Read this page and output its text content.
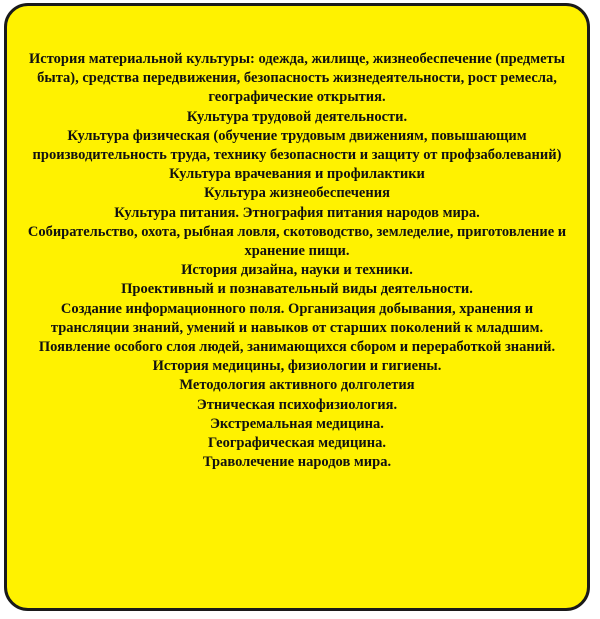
История материальной культуры: одежда, жилище, жизнеобеспечение (предметы быта), средства передвижения, безопасность жизнедеятельности, рост ремесла, географические открытия.
Культура трудовой деятельности.
Культура физическая (обучение трудовым движениям, повышающим производительность труда, технику безопасности и защиту от профзаболеваний)
Культура врачевания и профилактики
Культура жизнеобеспечения
Культура питания. Этнография питания народов мира.
Собирательство, охота, рыбная ловля, скотоводство, земледелие, приготовление и хранение пищи.
История дизайна, науки и техники.
Проективный и познавательный виды деятельности.
Создание информационного поля. Организация добывания, хранения и трансляции знаний, умений и навыков от старших поколений к младшим.
Появление особого слоя людей, занимающихся сбором и переработкой знаний.
История медицины, физиологии и гигиены.
Методология активного долголетия
Этническая психофизиология.
Экстремальная медицина.
Географическая медицина.
Траволечение народов мира.
